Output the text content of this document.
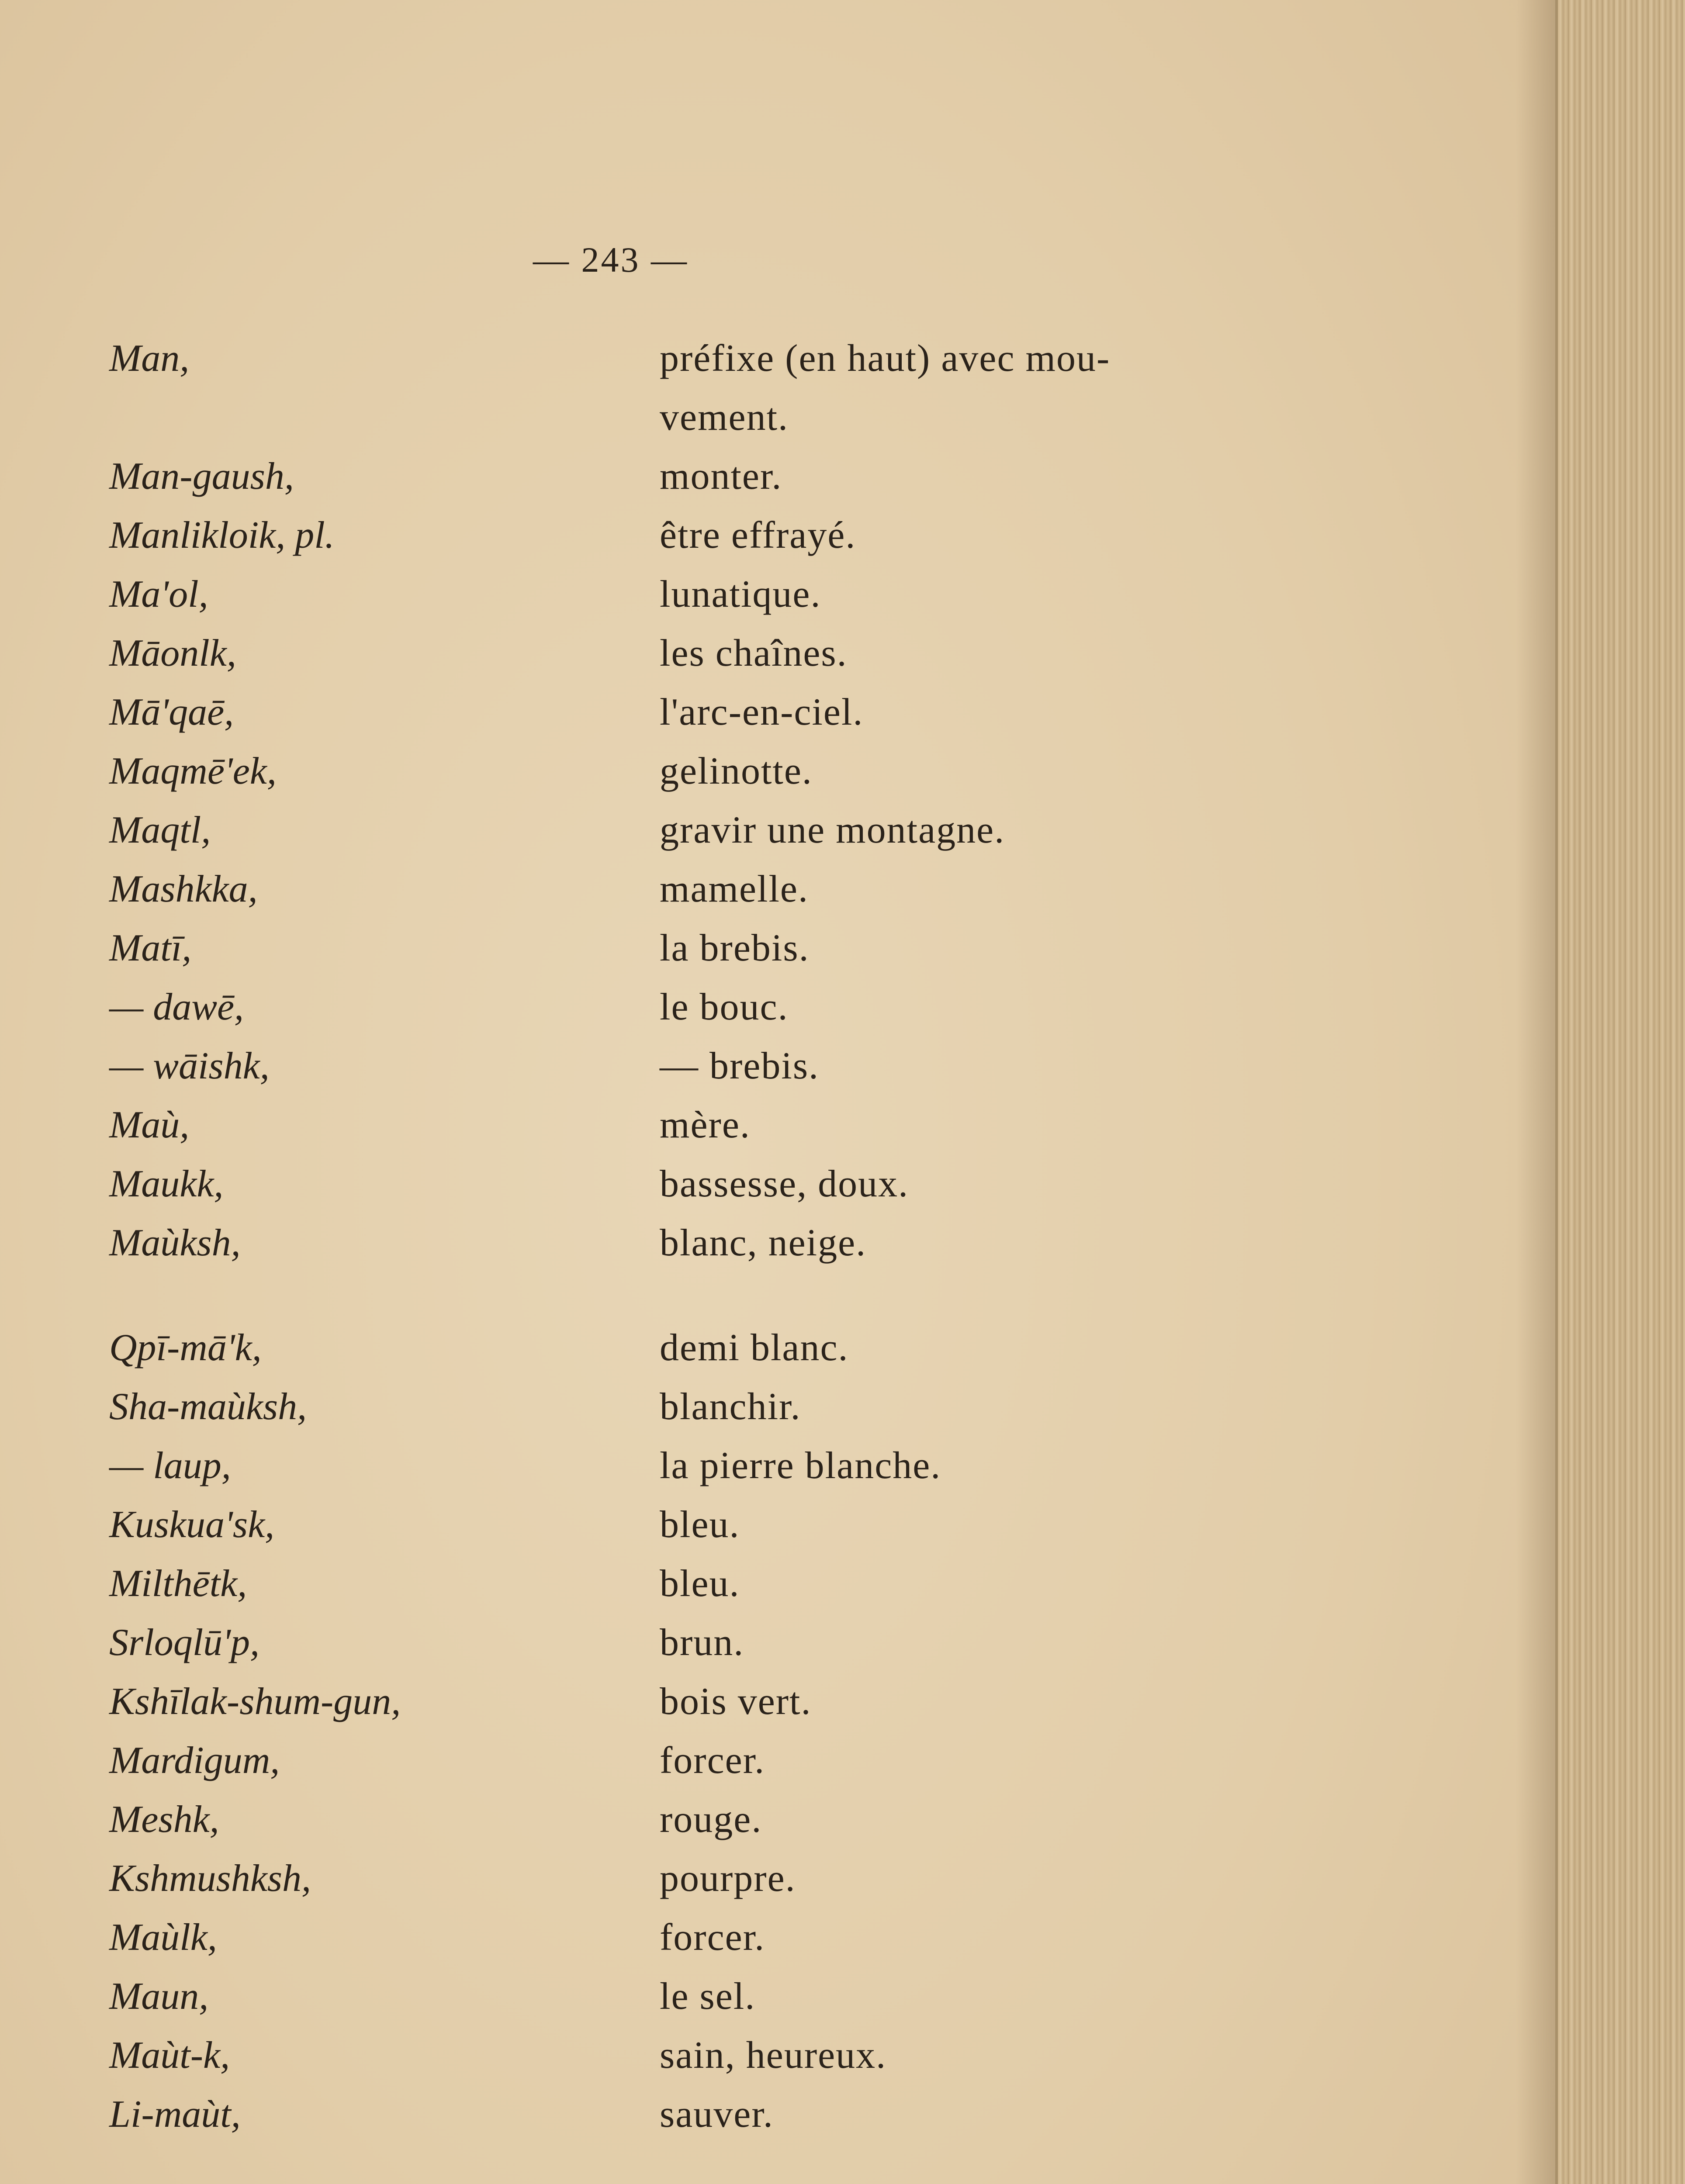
— 243 —
Man,	préfixe (en haut) avec mou-
vement.
Man-gaush,	monter.
Manlikloik, pl.	être effrayé.
Ma'ol,	lunatique.
Māonlk,	les chaînes.
Mā'qaē,	l'arc-en-ciel.
Maqmē'ek,	gelinotte.
Maqtl,	gravir une montagne.
Mashkka,	mamelle.
Matī,	la brebis.
— dawē,	le bouc.
— wāishk,	— brebis.
Maù,	mère.
Maukk,	bassesse, doux.
Maùksh,	blanc, neige.
Qpī-mā'k,	demi blanc.
Sha-maùksh,	blanchir.
— laup,	la pierre blanche.
Kuskua'sk,	bleu.
Milthētk,	bleu.
Srloqlū'p,	brun.
Kshīlak-shum-gun,	bois vert.
Mardigum,	forcer.
Meshk,	rouge.
Kshmushksh,	pourpre.
Maùlk,	forcer.
Maun,	le sel.
Maùt-k,	sain, heureux.
Li-maùt,	sauver.
